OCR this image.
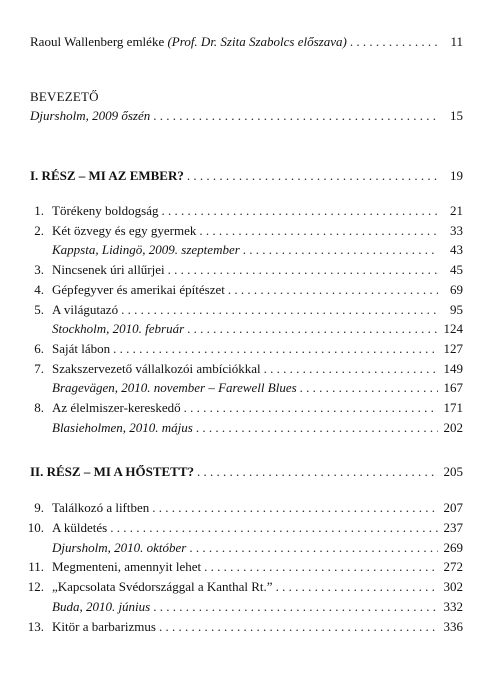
Raoul Wallenberg emléke (Prof. Dr. Szita Szabolcs előszava) . . .	11
BEVEZETŐ
Djursholm, 2009 őszén . . .	15
I. RÉSZ – MI AZ EMBER? . . .	19
1. Törékeny boldogság . . .	21
2. Két özvegy és egy gyermek . . .	33
Kappsta, Lidingö, 2009. szeptember . . .	43
3. Nincsenek úri allűrjei . . .	45
4. Gépfegyver és amerikai építészet . . .	69
5. A világutazó . . .	95
Stockholm, 2010. február . . .	124
6. Saját lábon . . .	127
7. Szakszervezető vállalkozói ambíciókkal . . .	149
Bragevägen, 2010. november – Farewell Blues . . .	167
8. Az élelmiszer-kereskedő . . .	171
Blasieholmen, 2010. május . . .	202
II. RÉSZ – MI A HŐSTETT? . . .	205
9. Találkozó a liftben . . .	207
10. A küldetés . . .	237
Djursholm, 2010. október . . .	269
11. Megmenteni, amennyit lehet . . .	272
12. „Kapcsolata Svédországgal a Kanthal Rt.” . . .	302
Buda, 2010. június . . .	332
13. Kitör a barbarizmus . . .	336
